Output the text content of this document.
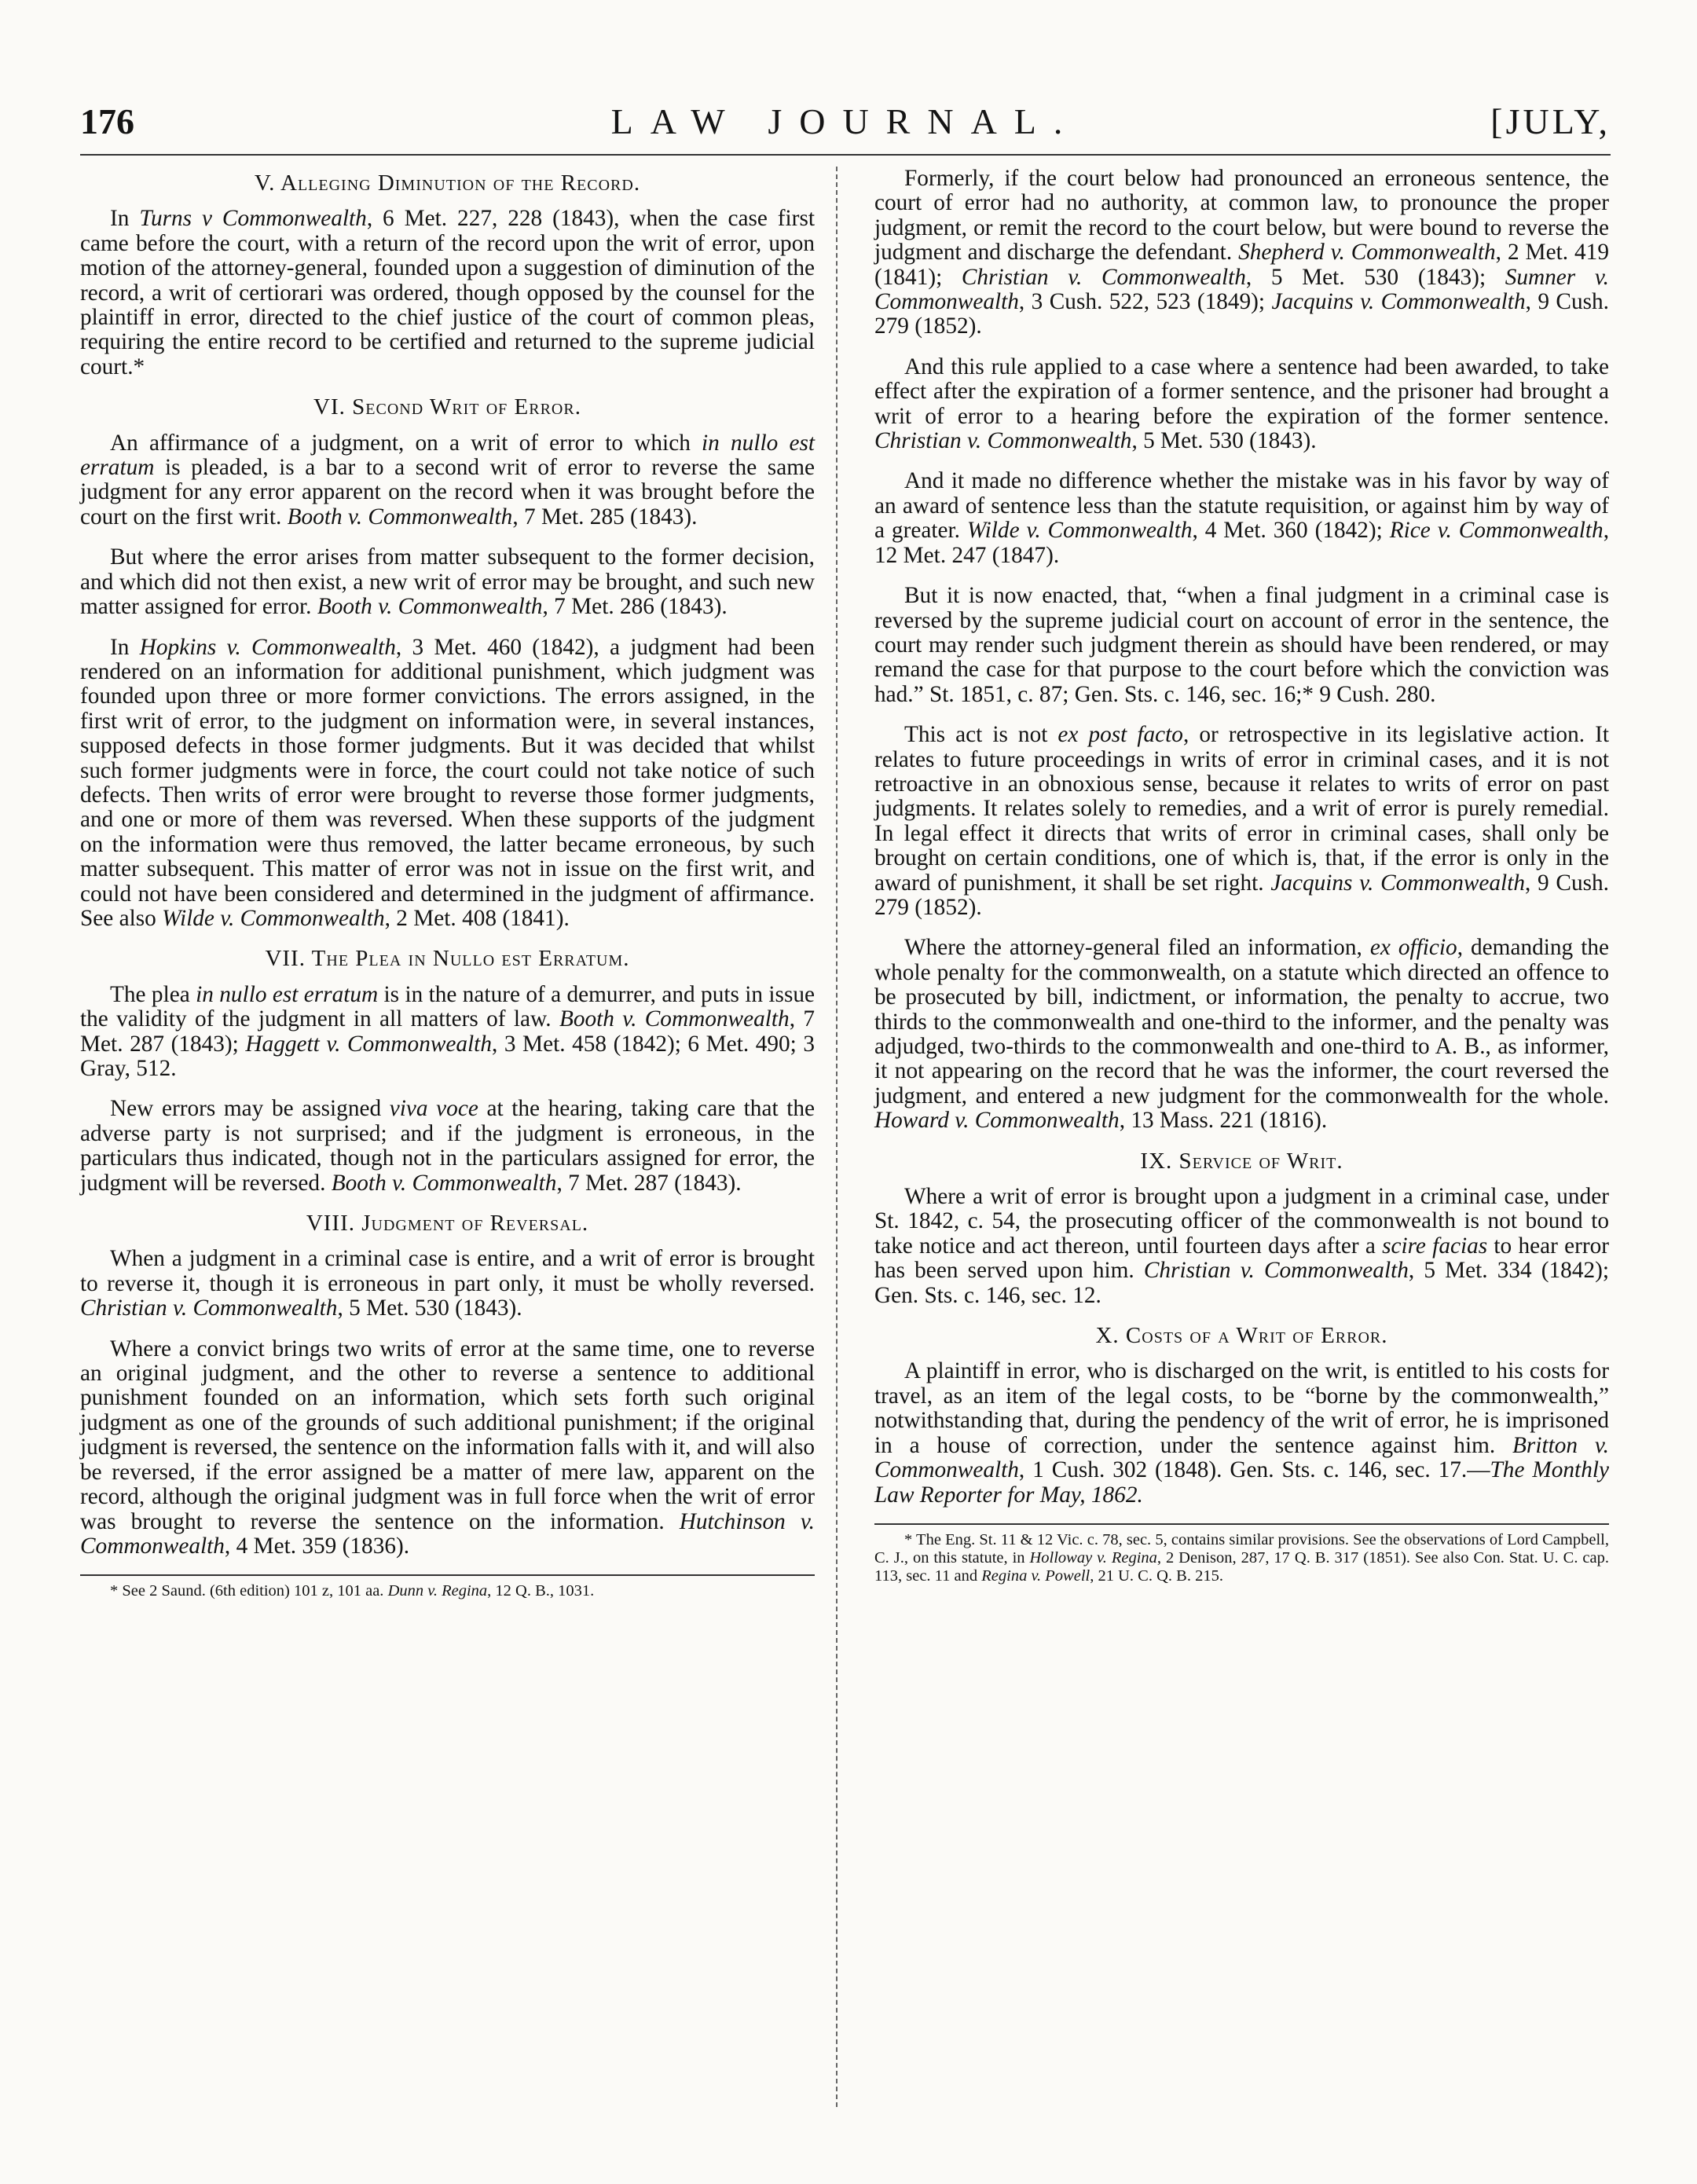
176	LAW JOURNAL.	[JULY,
V. Alleging Diminution of the Record.

In Turns v Commonwealth, 6 Met. 227, 228 (1843), when the case first came before the court, with a return of the record upon the writ of error, upon motion of the attorney-general, founded upon a suggestion of diminution of the record, a writ of certiorari was ordered, though opposed by the counsel for the plaintiff in error, directed to the chief justice of the court of common pleas, requiring the entire record to be certified and returned to the supreme judicial court.*

VI. Second Writ of Error.

An affirmance of a judgment, on a writ of error to which in nullo est erratum is pleaded, is a bar to a second writ of error to reverse the same judgment for any error apparent on the record when it was brought before the court on the first writ. Booth v. Commonwealth, 7 Met. 285 (1843).

But where the error arises from matter subsequent to the former decision, and which did not then exist, a new writ of error may be brought, and such new matter assigned for error. Booth v. Commonwealth, 7 Met. 286 (1843).

In Hopkins v. Commonwealth, 3 Met. 460 (1842), a judgment had been rendered on an information for additional punishment, which judgment was founded upon three or more former convictions. The errors assigned, in the first writ of error, to the judgment on information were, in several instances, supposed defects in those former judgments. But it was decided that whilst such former judgments were in force, the court could not take notice of such defects. Then writs of error were brought to reverse those former judgments, and one or more of them was reversed. When these supports of the judgment on the information were thus removed, the latter became erroneous, by such matter subsequent. This matter of error was not in issue on the first writ, and could not have been considered and determined in the judgment of affirmance. See also Wilde v. Commonwealth, 2 Met. 408 (1841).

VII. The Plea in Nullo est Erratum.

The plea in nullo est erratum is in the nature of a demurrer, and puts in issue the validity of the judgment in all matters of law. Booth v. Commonwealth, 7 Met. 287 (1843); Haggett v. Commonwealth, 3 Met. 458 (1842); 6 Met. 490; 3 Gray, 512.

New errors may be assigned viva voce at the hearing, taking care that the adverse party is not surprised; and if the judgment is erroneous, in the particulars thus indicated, though not in the particulars assigned for error, the judgment will be reversed. Booth v. Commonwealth, 7 Met. 287 (1843).

VIII. Judgment of Reversal.

When a judgment in a criminal case is entire, and a writ of error is brought to reverse it, though it is erroneous in part only, it must be wholly reversed. Christian v. Commonwealth, 5 Met. 530 (1843).

Where a convict brings two writs of error at the same time, one to reverse an original judgment, and the other to reverse a sentence to additional punishment founded on an information, which sets forth such original judgment as one of the grounds of such additional punishment; if the original judgment is reversed, the sentence on the information falls with it, and will also be reversed, if the error assigned be a matter of mere law, apparent on the record, although the original judgment was in full force when the writ of error was brought to reverse the sentence on the information. Hutchinson v. Commonwealth, 4 Met. 359 (1836).

* See 2 Saund. (6th edition) 101 z, 101 aa. Dunn v. Regina, 12 Q. B., 1031.

Formerly, if the court below had pronounced an erroneous sentence, the court of error had no authority, at common law, to pronounce the proper judgment, or remit the record to the court below, but were bound to reverse the judgment and discharge the defendant. Shepherd v. Commonwealth, 2 Met. 419 (1841); Christian v. Commonwealth, 5 Met. 530 (1843); Sumner v. Commonwealth, 3 Cush. 522, 523 (1849); Jacquins v. Commonwealth, 9 Cush. 279 (1852).

And this rule applied to a case where a sentence had been awarded, to take effect after the expiration of a former sentence, and the prisoner had brought a writ of error to a hearing before the expiration of the former sentence. Christian v. Commonwealth, 5 Met. 530 (1843).

And it made no difference whether the mistake was in his favor by way of an award of sentence less than the statute requisition, or against him by way of a greater. Wilde v. Commonwealth, 4 Met. 360 (1842); Rice v. Commonwealth, 12 Met. 247 (1847).

But it is now enacted, that, “when a final judgment in a criminal case is reversed by the supreme judicial court on account of error in the sentence, the court may render such judgment therein as should have been rendered, or may remand the case for that purpose to the court before which the conviction was had.” St. 1851, c. 87; Gen. Sts. c. 146, sec. 16;* 9 Cush. 280.

This act is not ex post facto, or retrospective in its legislative action. It relates to future proceedings in writs of error in criminal cases, and it is not retroactive in an obnoxious sense, because it relates to writs of error on past judgments. It relates solely to remedies, and a writ of error is purely remedial. In legal effect it directs that writs of error in criminal cases, shall only be brought on certain conditions, one of which is, that, if the error is only in the award of punishment, it shall be set right. Jacquins v. Commonwealth, 9 Cush. 279 (1852).

Where the attorney-general filed an information, ex officio, demanding the whole penalty for the commonwealth, on a statute which directed an offence to be prosecuted by bill, indictment, or information, the penalty to accrue, two thirds to the commonwealth and one-third to the informer, and the penalty was adjudged, two-thirds to the commonwealth and one-third to A. B., as informer, it not appearing on the record that he was the informer, the court reversed the judgment, and entered a new judgment for the commonwealth for the whole. Howard v. Commonwealth, 13 Mass. 221 (1816).

IX. Service of Writ.

Where a writ of error is brought upon a judgment in a criminal case, under St. 1842, c. 54, the prosecuting officer of the commonwealth is not bound to take notice and act thereon, until fourteen days after a scire facias to hear error has been served upon him. Christian v. Commonwealth, 5 Met. 334 (1842); Gen. Sts. c. 146, sec. 12.

X. Costs of a Writ of Error.

A plaintiff in error, who is discharged on the writ, is entitled to his costs for travel, as an item of the legal costs, to be “borne by the commonwealth,” notwithstanding that, during the pendency of the writ of error, he is imprisoned in a house of correction, under the sentence against him. Britton v. Commonwealth, 1 Cush. 302 (1848). Gen. Sts. c. 146, sec. 17.—The Monthly Law Reporter for May, 1862.

* The Eng. St. 11 & 12 Vic. c. 78, sec. 5, contains similar provisions. See the observations of Lord Campbell, C. J., on this statute, in Holloway v. Regina, 2 Denison, 287, 17 Q. B. 317 (1851). See also Con. Stat. U. C. cap. 113, sec. 11 and Regina v. Powell, 21 U. C. Q. B. 215.
